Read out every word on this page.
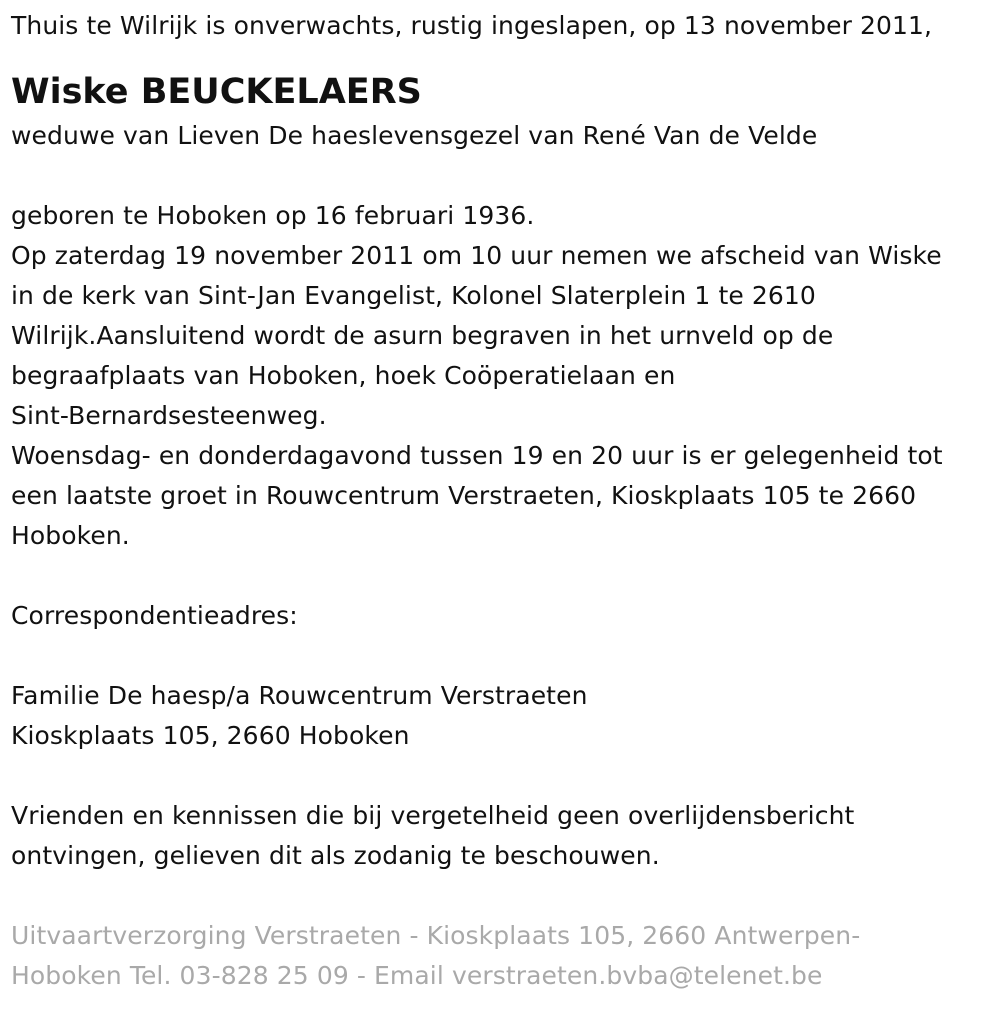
Thuis te Wilrijk is onverwachts, rustig ingeslapen, op 13 november 2011,
Wiske BEUCKELAERS
weduwe van Lieven De haeslevensgezel van René Van de Velde
geboren te Hoboken op 16 februari 1936.
Op zaterdag 19 november 2011 om 10 uur nemen we afscheid van Wiske
in de kerk van Sint-Jan Evangelist, Kolonel Slaterplein 1 te 2610
Wilrijk.Aansluitend wordt de asurn begraven in het urnveld op de
begraafplaats van Hoboken, hoek Coöperatielaan en
Sint-Bernardsesteenweg.
Woensdag- en donderdagavond tussen 19 en 20 uur is er gelegenheid tot
een laatste groet in Rouwcentrum Verstraeten, Kioskplaats 105 te 2660
Hoboken.
Correspondentieadres:
Familie De haesp/a Rouwcentrum Verstraeten
Kioskplaats 105, 2660 Hoboken
Vrienden en kennissen die bij vergetelheid geen overlijdensbericht
ontvingen, gelieven dit als zodanig te beschouwen.
Uitvaartverzorging Verstraeten - Kioskplaats 105, 2660 Antwerpen-
Hoboken Tel. 03-828 25 09 - Email verstraeten.bvba@telenet.be
